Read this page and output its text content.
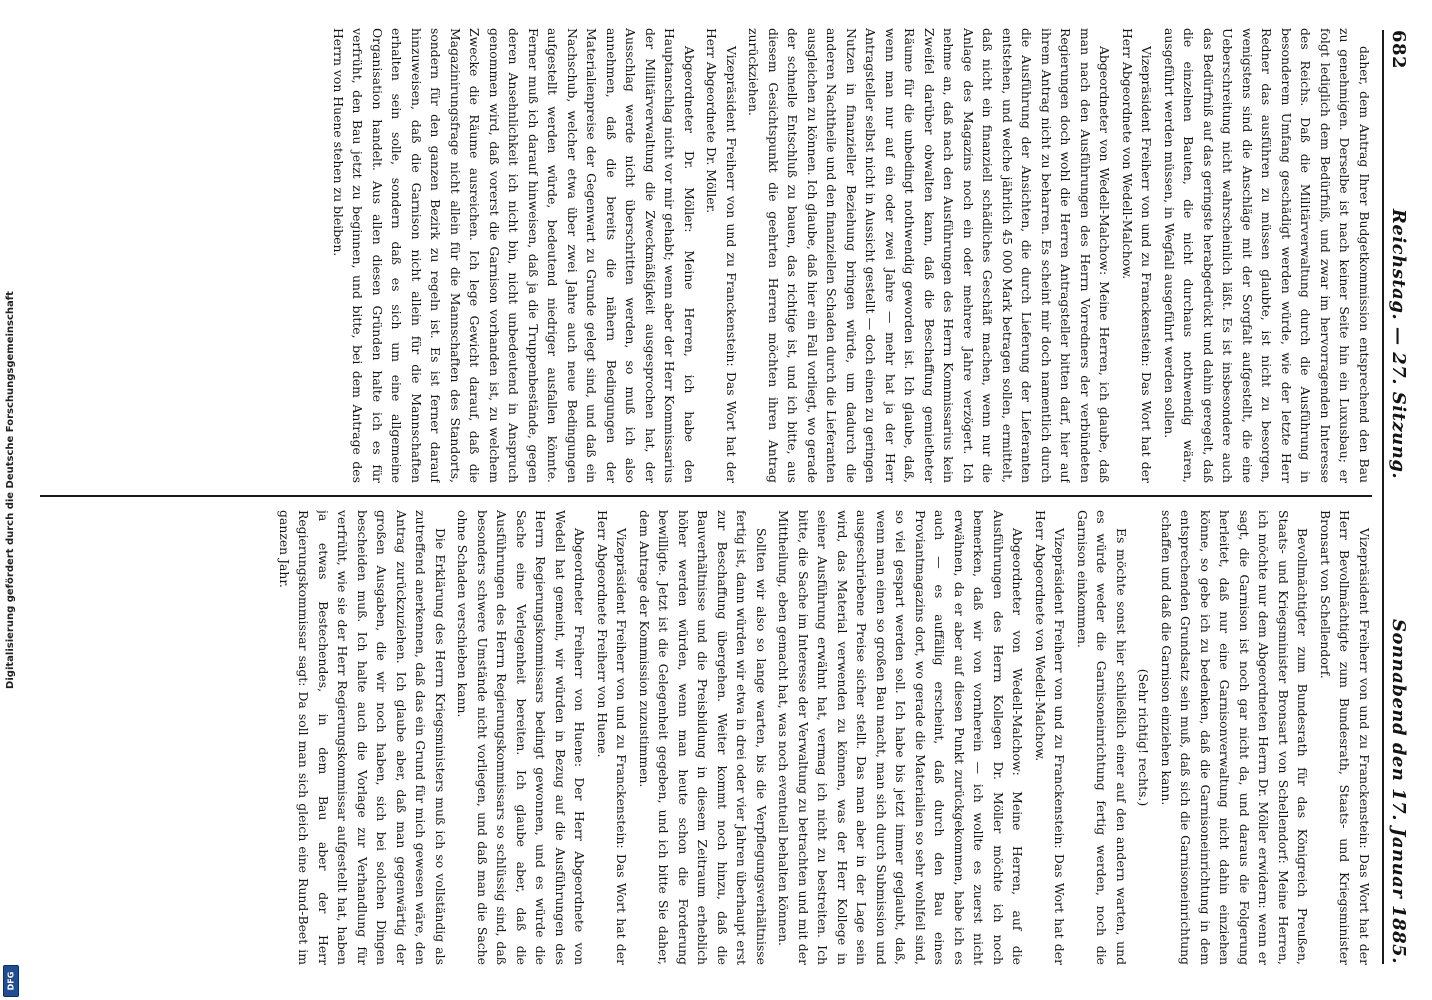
682
Reichstag. — 27. Sitzung.
Sonnabend den 17. Januar 1885.

daher, dem Antrag Ihrer Budgetkommission entsprechend den Bau zu genehmigen. Derselbe ist nach keiner Seite hin ein Luxusbau; er folgt lediglich dem Bedürfniß, und zwar im hervorragenden Interesse des Reichs. Daß die Militärverwaltung durch die Ausführung in besonderem Umfang geschädigt werden würde, wie der letzte Herr Redner das ausführen zu müssen glaubte, ist nicht zu besorgen, wenigstens sind die Anschläge mit der Sorgfalt aufgestellt, die eine Ueberschreitung nicht wahrscheinlich läßt. Es ist insbesondere auch das Bedürfniß auf das geringste herabgedrückt und dahin geregelt, daß die einzelnen Bauten, die nicht durchaus nothwendig wären, ausgeführt werden müssen, in Wegfall ausgeführt werden sollen.

Vizepräsident Freiherr von und zu Franckenstein: Das Wort hat der Herr Abgeordnete von Wedell-Malchow.

Abgeordneter von Wedell-Malchow: Meine Herren, ich glaube, daß man nach den Ausführungen des Herrn Vorredners der verbündeten Regierungen doch wohl die Herren Antragsteller bitten darf, hier auf ihrem Antrag nicht zu beharren. Es scheint mir doch namentlich durch die Ausführung der Ansichten, die durch Lieferung der Lieferanten entstehen, und welche jährlich 45 000 Mark betragen sollen, ermittelt, daß nicht ein finanziell schädliches Geschäft machen, wenn nur die Anlage des Magazins noch ein oder mehrere Jahre verzögert. Ich nehme an, daß nach den Ausführungen des Herrn Kommissarius kein Zweifel darüber obwalten kann, daß die Beschaffung gemietheter Räume für die unbedingt nothwendig geworden ist. Ich glaube, daß, wenn man nur auf ein oder zwei Jahre — mehr hat ja der Herr Antragsteller selbst nicht in Aussicht gestellt — doch einen zu geringen Nutzen in finanzieller Beziehung bringen würde, um dadurch die anderen Nachtheile und den finanziellen Schaden durch die Lieferanten ausgleichen zu können. Ich glaube, daß hier ein Fall vorliegt, wo gerade der schnelle Entschluß zu bauen, das richtige ist, und ich bitte, aus diesem Gesichtspunkt die geehrten Herren möchten ihren Antrag zurückziehen.

Vizepräsident Freiherr von und zu Franckenstein: Das Wort hat der Herr Abgeordnete Dr. Möller.

Abgeordneter Dr. Möller: Meine Herren, ich habe den Hauptanschlag nicht vor mir gehabt; wenn aber der Herr Kommissarius der Militärverwaltung die Zweckmäßigkeit ausgesprochen hat, der Ausschlag werde nicht überschritten werden, so muß ich also annehmen, daß die bereits die nähern Bedingungen der Materialienpreise der Gegenwart zu Grunde gelegt sind, und daß ein Nachschub, welcher etwa über zwei Jahre auch neue Bedingungen aufgestellt werden würde, bedeutend niedriger ausfallen könnte. Ferner muß ich darauf hinweisen, daß ja die Truppenbestände, gegen deren Ansehnlichkeit ich nicht bin, nicht unbedeutend in Anspruch genommen wird, daß vorerst die Garnison vorhanden ist, zu welchem Zwecke die Räume ausreichen. Ich lege Gewicht darauf, daß die Magazinirungsfrage nicht allein für die Mannschaften des Standorts, sondern für den ganzen Bezirk zu regeln ist. Es ist ferner darauf hinzuweisen, daß die Garnison nicht allein für die Mannschaften erhalten sein solle, sondern daß es sich um eine allgemeine Organisation handelt. Aus allen diesen Gründen halte ich es für verfrüht, den Bau jetzt zu beginnen, und bitte, bei dem Antrage des Herrn von Huene stehen zu bleiben.

Vizepräsident Freiherr von und zu Franckenstein: Das Wort hat der Herr Bevollmächtigte zum Bundesrath, Staats- und Kriegsminister Bronsart von Schellendorf.

Bevollmächtigter zum Bundesrath für das Königreich Preußen, Staats- und Kriegsminister Bronsart von Schellendorf: Meine Herren, ich möchte nur dem Abgeordneten Herrn Dr. Möller erwidern: wenn er sagt, die Garnison ist noch gar nicht da, und daraus die Folgerung herleitet, daß nur eine Garnisonverwaltung nicht dahin einziehen könne, so gebe ich zu bedenken, daß die Garnisoneinrichtung in dem entsprechenden Grundsatz sein muß, daß sich die Garnisoneinrichtung schaffen und daß die Garnison einziehen kann.

(Sehr richtig! rechts.)

Es möchte sonst hier schließlich einer auf den andern warten, und es würde weder die Garnisoneinrichtung fertig werden, noch die Garnison einkommen.

Vizepräsident Freiherr von und zu Franckenstein: Das Wort hat der Herr Abgeordnete von Wedell-Malchow.

Abgeordneter von Wedell-Malchow: Meine Herren, auf die Ausführungen des Herrn Kollegen Dr. Möller möchte ich noch bemerken, daß wir von vornherein — ich wollte es zuerst nicht erwähnen, da er aber auf diesen Punkt zurückgekommen, habe ich es auch — es auffällig erscheint, daß durch den Bau eines Proviantmagazins dort, wo gerade die Materialien so sehr wohlfeil sind, so viel gespart werden soll. Ich habe bis jetzt immer geglaubt, daß, wenn man einen so großen Bau macht, man sich durch Submission und ausgeschriebene Preise sicher stellt. Das man aber in der Lage sein wird, das Material verwenden zu können, was der Herr Kollege in seiner Ausführung erwähnt hat, vermag ich nicht zu bestreiten. Ich bitte, die Sache im Interesse der Verwaltung zu betrachten und mit der Mittheilung, eben gemacht hat, was noch eventuell behalten können.

Sollten wir also so lange warten, bis die Verpflegungsverhältnisse fertig ist, dann würden wir etwa in drei oder vier Jahren überhaupt erst zur Beschaffung übergehen. Weiter kommt noch hinzu, daß die Bauverhältnisse und die Preisbildung in diesem Zeitraum erheblich höher werden würden, wenn man heute schon die Forderung bewilligte. Jetzt ist die Gelegenheit gegeben, und ich bitte Sie daher, dem Antrage der Kommission zuzustimmen.

Vizepräsident Freiherr von und zu Franckenstein: Das Wort hat der Herr Abgeordnete Freiherr von Huene.

Abgeordneter Freiherr von Huene: Der Herr Abgeordnete von Wedell hat gemeint, wir würden in Bezug auf die Ausführungen des Herrn Regierungskommissars bedingt gewonnen, und es würde die Sache eine Verlegenheit bereiten. Ich glaube aber, daß die Ausführungen des Herrn Regierungskommissars so schlüssig sind, daß besonders schwere Umstände nicht vorliegen, und daß man die Sache ohne Schaden verschieben kann.

Die Erklärung des Herrn Kriegsministers muß ich so vollständig als zutreffend anerkennen, daß das ein Grund für mich gewesen wäre, den Antrag zurückzuziehen. Ich glaube aber, daß man gegenwärtig der großen Ausgaben, die wir noch haben, sich bei solchen Dingen bescheiden muß. Ich halte auch die Vorlage zur Verhandlung für verfrüht, wie sie der Herr Regierungskommissar aufgestellt hat, haben ja etwas Bestechendes, in dem Bau aber der Herr Regierungskommissar sagt: Da soll man sich gleich eine Rund-Beet im ganzen Jahr.

Digitalisierung gefördert durch die Deutsche Forschungsgemeinschaft
DFG
